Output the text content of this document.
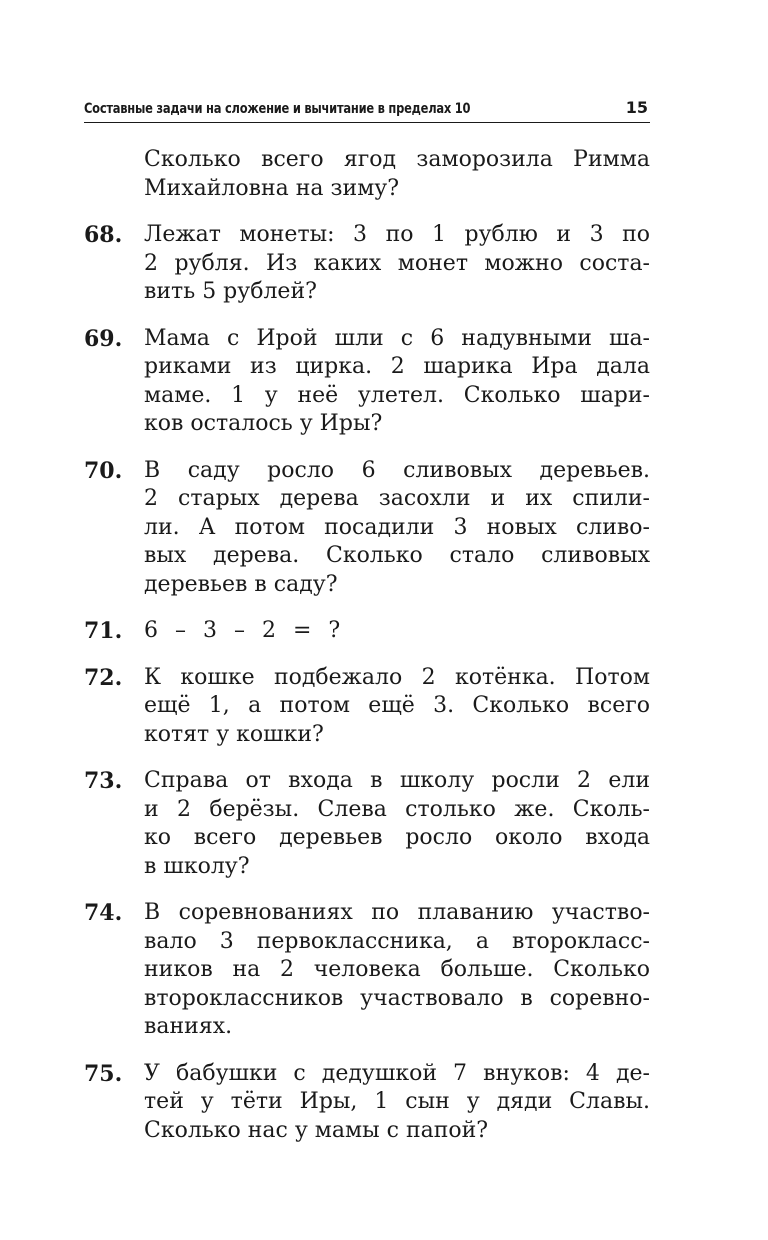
Составные задачи на сложение и вычитание в пределах 10	15
Сколько всего ягод заморозила Римма
Михайловна на зиму?
68. Лежат монеты: 3 по 1 рублю и 3 по
2 рубля. Из каких монет можно соста-
вить 5 рублей?
69. Мама с Ирой шли с 6 надувными ша-
риками из цирка. 2 шарика Ира дала
маме. 1 у неё улетел. Сколько шари-
ков осталось у Иры?
70. В саду росло 6 сливовых деревьев.
2 старых дерева засохли и их спили-
ли. А потом посадили 3 новых сливо-
вых дерева. Сколько стало сливовых
деревьев в саду?
71. 6 – 3 – 2 = ?
72. К кошке подбежало 2 котёнка. Потом
ещё 1, а потом ещё 3. Сколько всего
котят у кошки?
73. Справа от входа в школу росли 2 ели
и 2 берёзы. Слева столько же. Сколь-
ко всего деревьев росло около входа
в школу?
74. В соревнованиях по плаванию участво-
вало 3 первоклассника, а второкласс-
ников на 2 человека больше. Сколько
второклассников участвовало в соревно-
ваниях.
75. У бабушки с дедушкой 7 внуков: 4 де-
тей у тёти Иры, 1 сын у дяди Славы.
Сколько нас у мамы с папой?
